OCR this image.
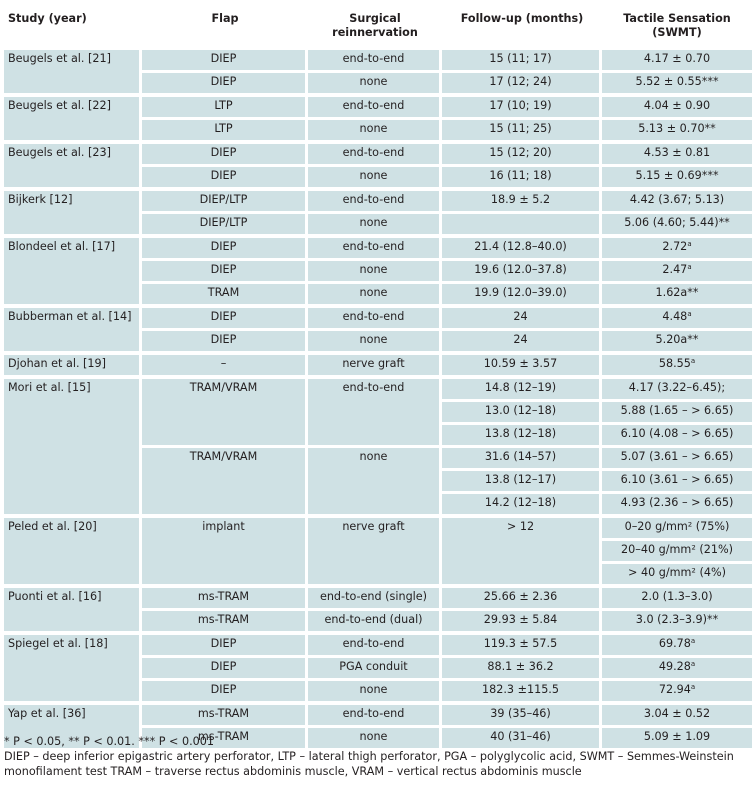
Study (year)	Flap	Surgical reinnervation	Follow-up (months)	Tactile Sensation
(SWMT)
Beugels et al. [21]	DIEP	end-to-end	15 (11; 17)	4.17 ± 0.70
	DIEP	none	17 (12; 24)	5.52 ± 0.55***
Beugels et al. [22]	LTP	end-to-end	17 (10; 19)	4.04 ± 0.90
	LTP	none	15 (11; 25)	5.13 ± 0.70**
Beugels et al. [23]	DIEP	end-to-end	15 (12; 20)	4.53 ± 0.81
	DIEP	none	16 (11; 18)	5.15 ± 0.69***
Bijkerk [12]	DIEP/LTP	end-to-end	18.9 ± 5.2	4.42 (3.67; 5.13)
	DIEP/LTP	none		5.06 (4.60; 5.44)**
Blondeel et al. [17]	DIEP	end-to-end	21.4 (12.8–40.0)	2.72$^a$
	DIEP	none	19.6 (12.0–37.8)	2.47$^a$
	TRAM	none	19.9 (12.0–39.0)	1.62a**
Bubberman et al. [14]	DIEP	end-to-end	24	4.48$^a$
	DIEP	none	24	5.20a**
Djohan et al. [19]	–	nerve graft	10.59 ± 3.57	58.55$^a$
Mori et al. [15]	TRAM/VRAM	end-to-end	14.8 (12–19)	4.17 (3.22–6.45);
			13.0 (12–18)	5.88 (1.65 – > 6.65)
			13.8 (12–18)	6.10 (4.08 – > 6.65)
	TRAM/VRAM	none	31.6 (14–57)	5.07 (3.61 – > 6.65)
			13.8 (12–17)	6.10 (3.61 – > 6.65)
			14.2 (12–18)	4.93 (2.36 – > 6.65)
Peled et al. [20]	implant	nerve graft	> 12	0–20 g/mm² (75%)
				20–40 g/mm² (21%)
				> 40 g/mm² (4%)
Puonti et al. [16]	ms-TRAM	end-to-end (single)	25.66 ± 2.36	2.0 (1.3–3.0)
	ms-TRAM	end-to-end (dual)	29.93 ± 5.84	3.0 (2.3–3.9)**
Spiegel et al. [18]	DIEP	end-to-end	119.3 ± 57.5	69.78$^a$
	DIEP	PGA conduit	88.1 ± 36.2	49.28$^a$
	DIEP	none	182.3 ±115.5	72.94$^a$
Yap et al. [36]	ms-TRAM	end-to-end	39 (35–46)	3.04 ± 0.52
	ms-TRAM	none	40 (31–46)	5.09 ± 1.09

* P < 0.05, ** P < 0.01. *** P < 0.001

DIEP – deep inferior epigastric artery perforator, LTP – lateral thigh perforator, PGA – polyglycolic acid, SWMT – Semmes-Weinstein monofilament test TRAM – traverse rectus abdominis muscle, VRAM – vertical rectus abdominis muscle
